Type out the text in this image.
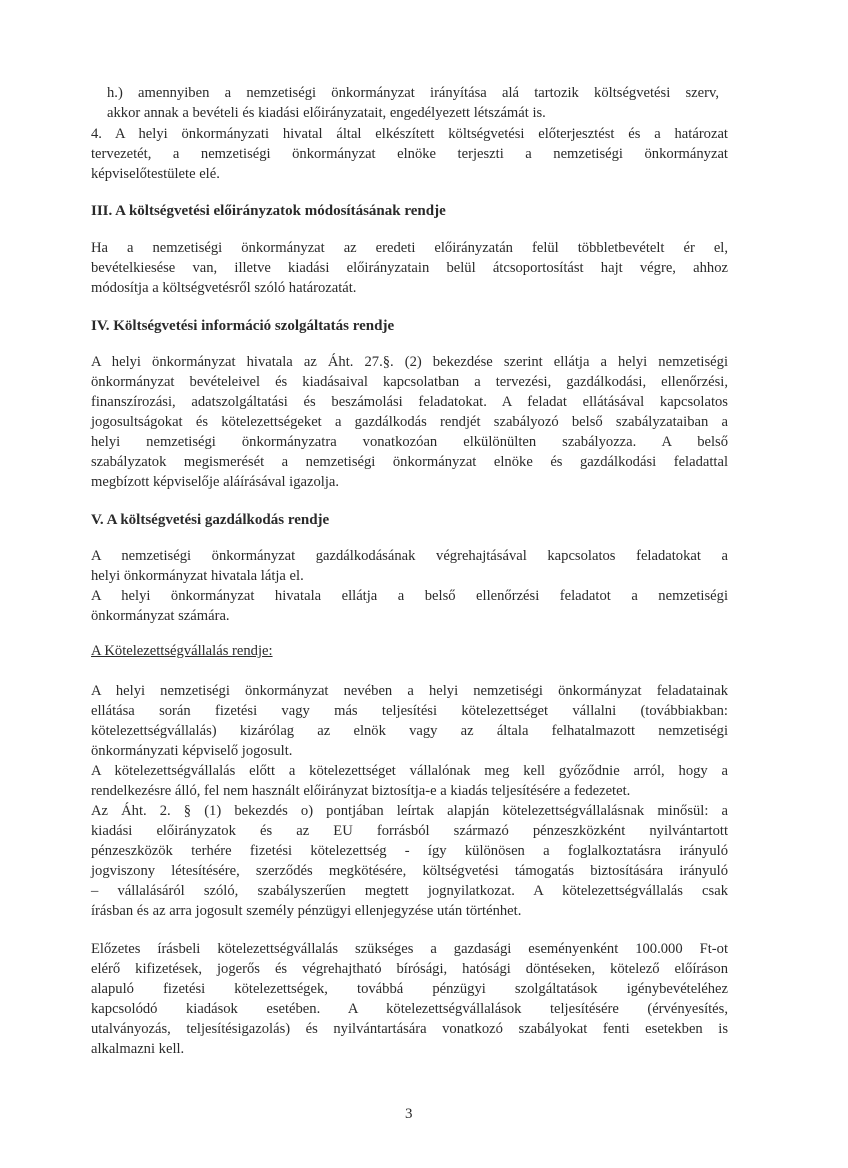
h.) amennyiben a nemzetiségi önkormányzat irányítása alá tartozik költségvetési szerv,
akkor annak a bevételi és kiadási előirányzatait, engedélyezett létszámát is.
4. A helyi önkormányzati hivatal által elkészített költségvetési előterjesztést és a határozat
tervezetét, a nemzetiségi önkormányzat elnöke terjeszti a nemzetiségi önkormányzat
képviselőtestülete elé.
III. A költségvetési előirányzatok módosításának rendje
Ha a nemzetiségi önkormányzat az eredeti előirányzatán felül többletbevételt ér el,
bevételkiesése van, illetve kiadási előirányzatain belül átcsoportosítást hajt végre, ahhoz
módosítja a költségvetésről szóló határozatát.
IV. Költségvetési információ szolgáltatás rendje
A helyi önkormányzat hivatala az Áht. 27.§. (2) bekezdése szerint ellátja a helyi nemzetiségi
önkormányzat bevételeivel és kiadásaival kapcsolatban a tervezési, gazdálkodási, ellenőrzési,
finanszírozási, adatszolgáltatási és beszámolási feladatokat. A feladat ellátásával kapcsolatos
jogosultságokat és kötelezettségeket a gazdálkodás rendjét szabályozó belső szabályzataiban a
helyi nemzetiségi önkormányzatra vonatkozóan elkülönülten szabályozza. A belső
szabályzatok megismerését a nemzetiségi önkormányzat elnöke és gazdálkodási feladattal
megbízott képviselője aláírásával igazolja.
V. A költségvetési gazdálkodás rendje
A nemzetiségi önkormányzat gazdálkodásának végrehajtásával kapcsolatos feladatokat a
helyi önkormányzat hivatala látja el.
A helyi önkormányzat hivatala ellátja a belső ellenőrzési feladatot a nemzetiségi
önkormányzat számára.
A Kötelezettségvállalás rendje:
A helyi nemzetiségi önkormányzat nevében a helyi nemzetiségi önkormányzat feladatainak
ellátása során fizetési vagy más teljesítési kötelezettséget vállalni (továbbiakban:
kötelezettségvállalás) kizárólag az elnök vagy az általa felhatalmazott nemzetiségi
önkormányzati képviselő jogosult.
A kötelezettségvállalás előtt a kötelezettséget vállalónak meg kell győződnie arról, hogy a
rendelkezésre álló, fel nem használt előirányzat biztosítja-e a kiadás teljesítésére a fedezetet.
Az Áht. 2. § (1) bekezdés o) pontjában leírtak alapján kötelezettségvállalásnak minősül: a
kiadási előirányzatok és az EU forrásból származó pénzeszközként nyilvántartott
pénzeszközök terhére fizetési kötelezettség - így különösen a foglalkoztatásra irányuló
jogviszony létesítésére, szerződés megkötésére, költségvetési támogatás biztosítására irányuló
– vállalásáról szóló, szabályszerűen megtett jognyilatkozat. A kötelezettségvállalás csak
írásban és az arra jogosult személy pénzügyi ellenjegyzése után történhet.
Előzetes írásbeli kötelezettségvállalás szükséges a gazdasági eseményenként 100.000 Ft-ot
elérő kifizetések, jogerős és végrehajtható bírósági, hatósági döntéseken, kötelező előíráson
alapuló fizetési kötelezettségek, továbbá pénzügyi szolgáltatások igénybevételéhez
kapcsolódó kiadások esetében. A kötelezettségvállalások teljesítésére (érvényesítés,
utalványozás, teljesítésigazolás) és nyilvántartására vonatkozó szabályokat fenti esetekben is
alkalmazni kell.
3
